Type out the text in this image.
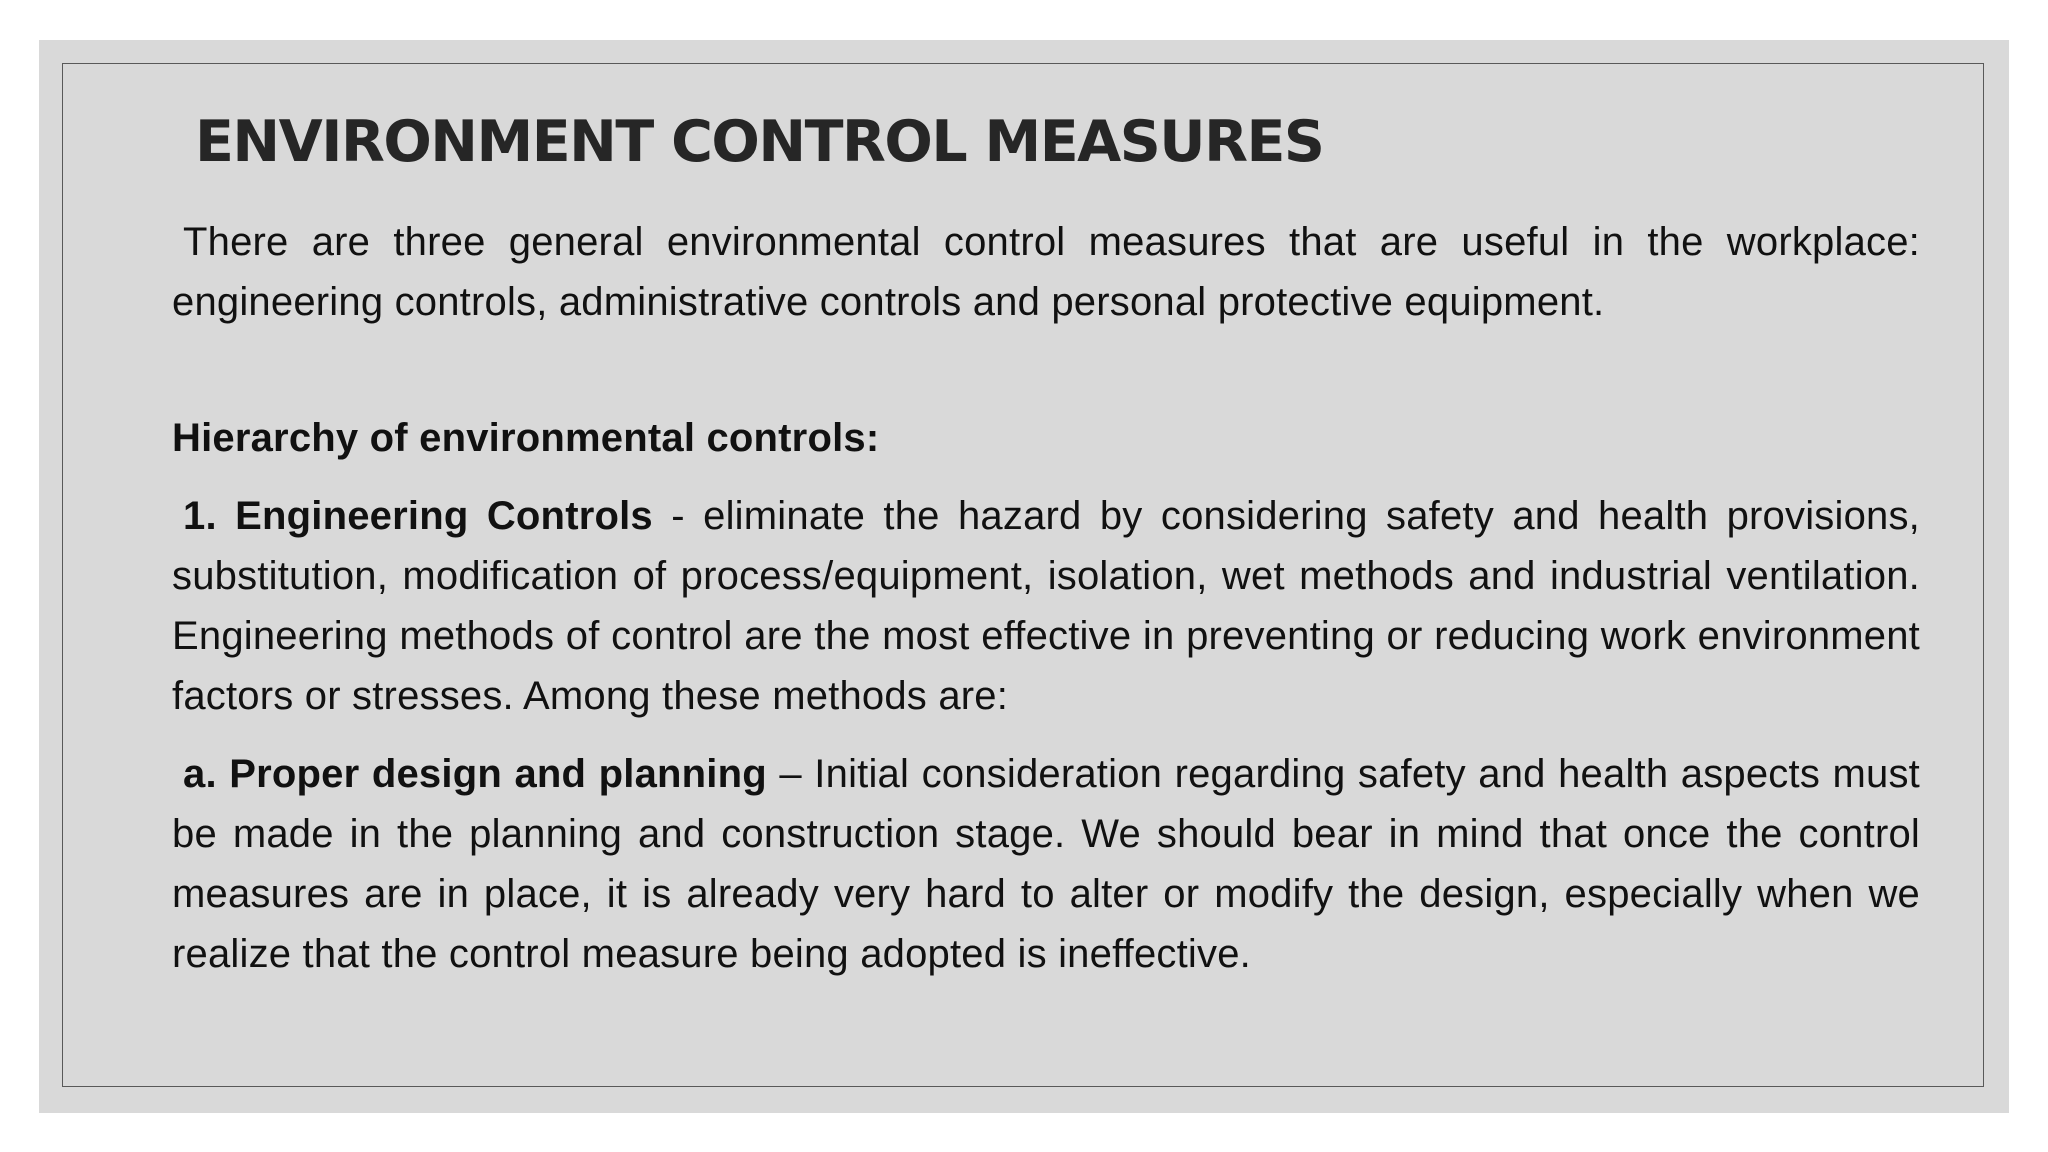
ENVIRONMENT CONTROL MEASURES

There are three general environmental control measures that are useful in the workplace: engineering controls, administrative controls and personal protective equipment.

Hierarchy of environmental controls:

1. Engineering Controls - eliminate the hazard by considering safety and health provisions, substitution, modification of process/equipment, isolation, wet methods and industrial ventilation. Engineering methods of control are the most effective in preventing or reducing work environment factors or stresses. Among these methods are:

a. Proper design and planning – Initial consideration regarding safety and health aspects must be made in the planning and construction stage. We should bear in mind that once the control measures are in place, it is already very hard to alter or modify the design, especially when we realize that the control measure being adopted is ineffective.
